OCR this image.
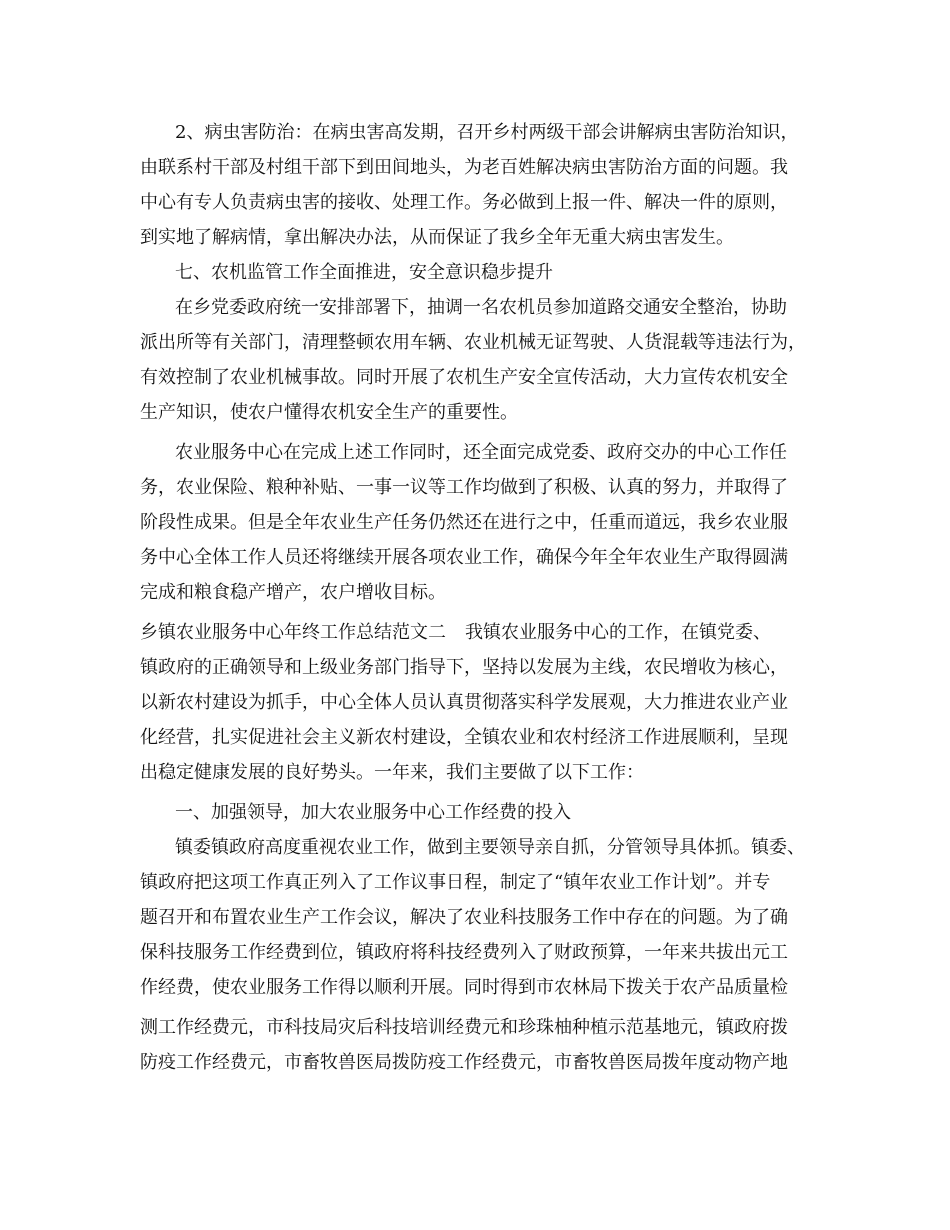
2、病虫害防治：在病虫害高发期，召开乡村两级干部会讲解病虫害防治知识，
由联系村干部及村组干部下到田间地头，为老百姓解决病虫害防治方面的问题。我
中心有专人负责病虫害的接收、处理工作。务必做到上报一件、解决一件的原则，
到实地了解病情，拿出解决办法，从而保证了我乡全年无重大病虫害发生。
七、农机监管工作全面推进，安全意识稳步提升
在乡党委政府统一安排部署下，抽调一名农机员参加道路交通安全整治，协助
派出所等有关部门，清理整顿农用车辆、农业机械无证驾驶、人货混载等违法行为，
有效控制了农业机械事故。同时开展了农机生产安全宣传活动，大力宣传农机安全
生产知识，使农户懂得农机安全生产的重要性。
农业服务中心在完成上述工作同时，还全面完成党委、政府交办的中心工作任
务，农业保险、粮种补贴、一事一议等工作均做到了积极、认真的努力，并取得了
阶段性成果。但是全年农业生产任务仍然还在进行之中，任重而道远，我乡农业服
务中心全体工作人员还将继续开展各项农业工作，确保今年全年农业生产取得圆满
完成和粮食稳产增产，农户增收目标。
乡镇农业服务中心年终工作总结范文二 我镇农业服务中心的工作，在镇党委、
镇政府的正确领导和上级业务部门指导下，坚持以发展为主线，农民增收为核心，
以新农村建设为抓手，中心全体人员认真贯彻落实科学发展观，大力推进农业产业
化经营，扎实促进社会主义新农村建设，全镇农业和农村经济工作进展顺利，呈现
出稳定健康发展的良好势头。一年来，我们主要做了以下工作：
一、加强领导，加大农业服务中心工作经费的投入
镇委镇政府高度重视农业工作，做到主要领导亲自抓，分管领导具体抓。镇委、
镇政府把这项工作真正列入了工作议事日程，制定了“镇年农业工作计划”。并专
题召开和布置农业生产工作会议，解决了农业科技服务工作中存在的问题。为了确
保科技服务工作经费到位，镇政府将科技经费列入了财政预算，一年来共拔出元工
作经费，使农业服务工作得以顺利开展。同时得到市农林局下拨关于农产品质量检
测工作经费元，市科技局灾后科技培训经费元和珍珠柚种植示范基地元，镇政府拨
防疫工作经费元，市畜牧兽医局拨防疫工作经费元，市畜牧兽医局拨年度动物产地
